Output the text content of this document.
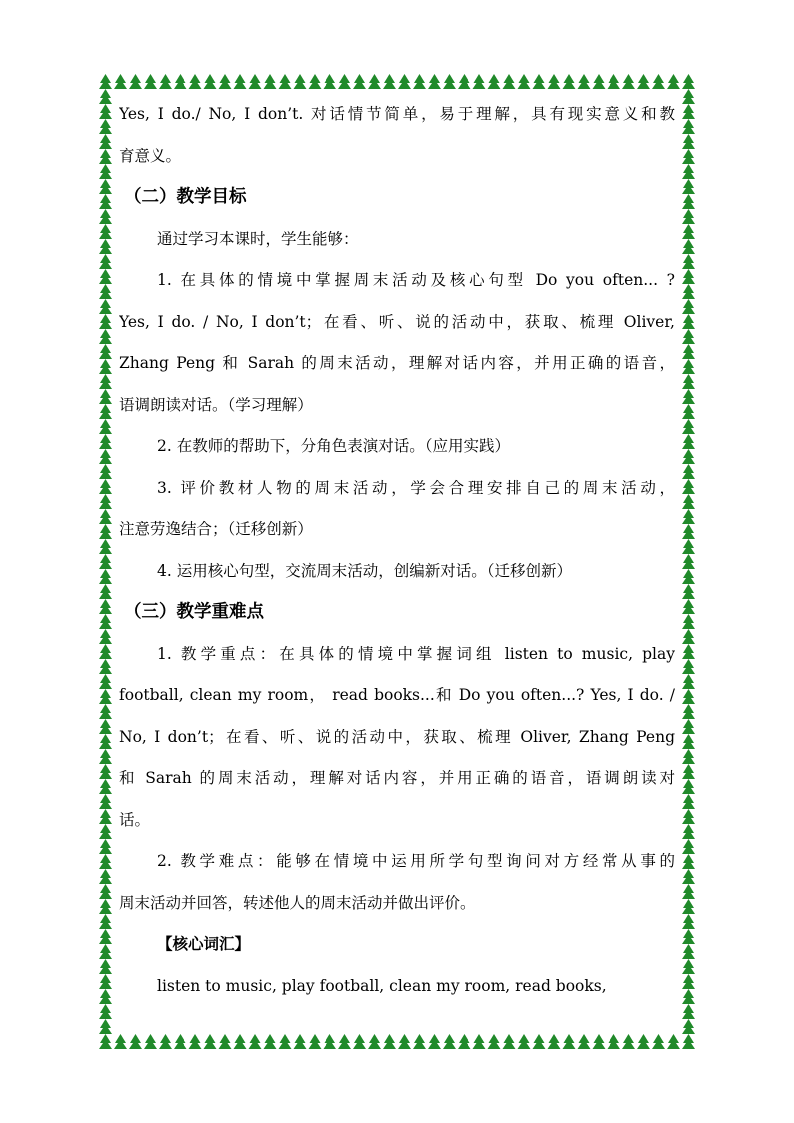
Yes, I do./ No, I don’t. 对话情节简单，易于理解，具有现实意义和教
育意义。
（二）教学目标
通过学习本课时，学生能够：
1. 在具体的情境中掌握周末活动及核心句型 Do you often... ?
Yes, I do. / No, I don’t；在看、听、说的活动中，获取、梳理 Oliver,
Zhang Peng 和 Sarah 的周末活动，理解对话内容，并用正确的语音，
语调朗读对话。（学习理解）
2. 在教师的帮助下，分角色表演对话。（应用实践）
3. 评价教材人物的周末活动，学会合理安排自己的周末活动，
注意劳逸结合；（迁移创新）
4. 运用核心句型，交流周末活动，创编新对话。（迁移创新）
（三）教学重难点
1. 教学重点：在具体的情境中掌握词组 listen to music, play
football, clean my room， read books...和 Do you often...? Yes, I do. /
No, I don’t；在看、听、说的活动中，获取、梳理 Oliver, Zhang Peng
和 Sarah 的周末活动，理解对话内容，并用正确的语音，语调朗读对
话。
2. 教学难点：能够在情境中运用所学句型询问对方经常从事的
周末活动并回答，转述他人的周末活动并做出评价。
【核心词汇】
listen to music, play football, clean my room, read books,
